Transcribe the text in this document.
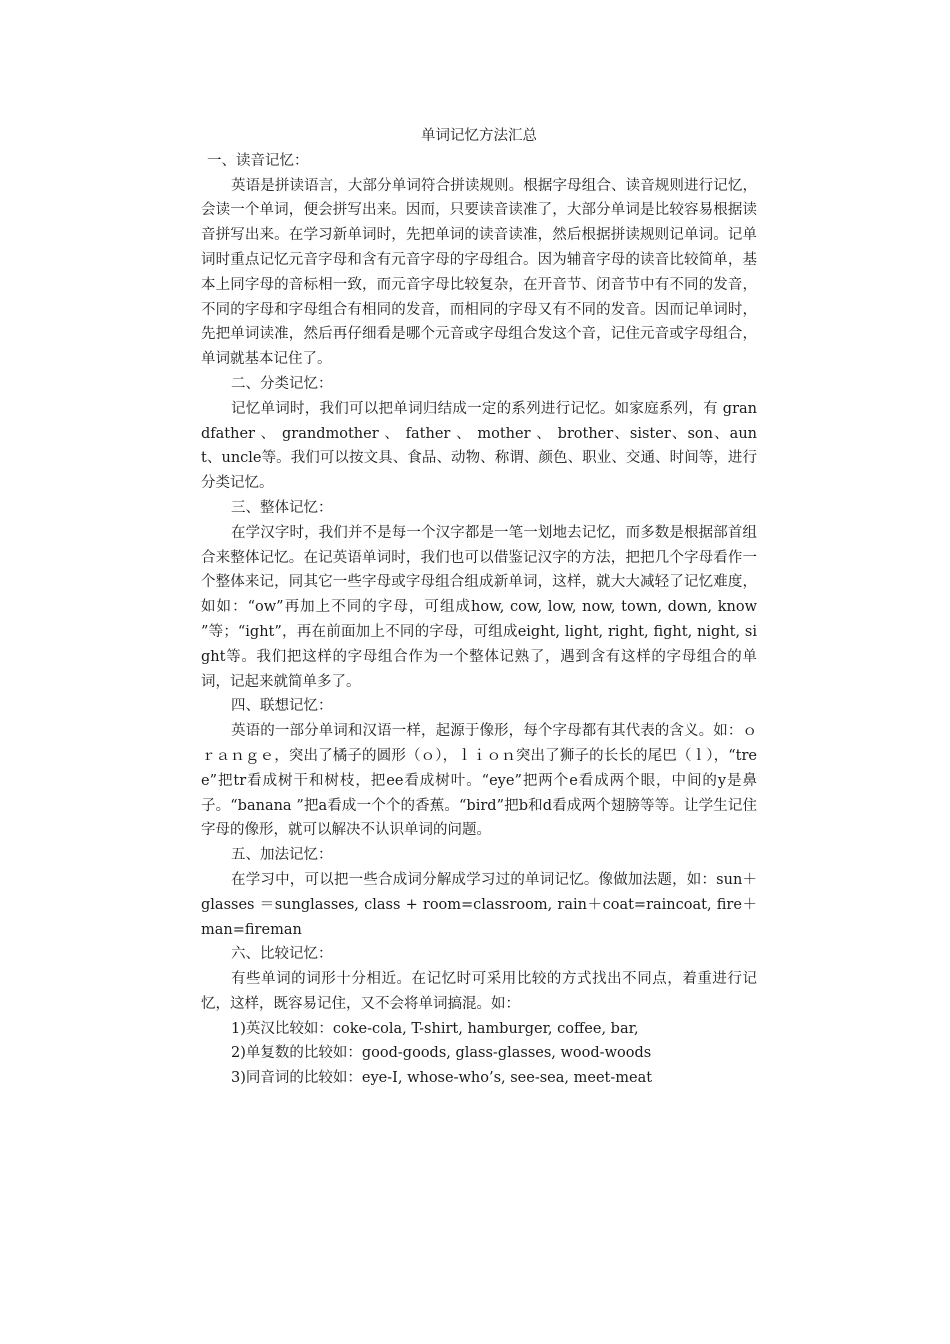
单词记忆方法汇总
一、读音记忆：
英语是拼读语言，大部分单词符合拼读规则。根据字母组合、读音规则进行记忆，会读一个单词，便会拼写出来。因而，只要读音读准了，大部分单词是比较容易根据读音拼写出来。在学习新单词时，先把单词的读音读准，然后根据拼读规则记单词。记单词时重点记忆元音字母和含有元音字母的字母组合。因为辅音字母的读音比较简单，基本上同字母的音标相一致，而元音字母比较复杂，在开音节、闭音节中有不同的发音，不同的字母和字母组合有相同的发音，而相同的字母又有不同的发音。因而记单词时，先把单词读准，然后再仔细看是哪个元音或字母组合发这个音，记住元音或字母组合，单词就基本记住了。
二、分类记忆：
记忆单词时，我们可以把单词归结成一定的系列进行记忆。如家庭系列，有 grandfather 、 grandmother 、 father 、 mother 、 brother、sister、son、aunt、uncle等。我们可以按文具、食品、动物、称谓、颜色、职业、交通、时间等，进行分类记忆。
三、整体记忆：
在学汉字时，我们并不是每一个汉字都是一笔一划地去记忆，而多数是根据部首组合来整体记忆。在记英语单词时，我们也可以借鉴记汉字的方法，把把几个字母看作一个整体来记，同其它一些字母或字母组合组成新单词，这样，就大大减轻了记忆难度，如如：“ow”再加上不同的字母，可组成how, cow, low, now, town, down, know ”等；“ight”，再在前面加上不同的字母，可组成eight, light, right, fight, night, sight等。我们把这样的字母组合作为一个整体记熟了，遇到含有这样的字母组合的单词，记起来就简单多了。
四、联想记忆：
英语的一部分单词和汉语一样，起源于像形，每个字母都有其代表的含义。如：ｏｒａｎｇｅ，突出了橘子的圆形（ｏ），ｌｉｏｎ突出了狮子的长长的尾巴（ｌ），“tree”把tr看成树干和树枝，把ee看成树叶。“eye”把两个e看成两个眼，中间的y是鼻子。“banana ”把a看成一个个的香蕉。“bird”把b和d看成两个翅膀等等。让学生记住字母的像形，就可以解决不认识单词的问题。
五、加法记忆：
在学习中，可以把一些合成词分解成学习过的单词记忆。像做加法题，如：sun＋glasses ＝sunglasses, class + room=classroom, rain＋coat=raincoat, fire＋man=fireman
六、比较记忆：
有些单词的词形十分相近。在记忆时可采用比较的方式找出不同点，着重进行记忆，这样，既容易记住，又不会将单词搞混。如：
1)英汉比较如：coke-cola, T-shirt, hamburger, coffee, bar,
2)单复数的比较如：good-goods, glass-glasses, wood-woods
3)同音词的比较如：eye-I, whose-who’s, see-sea, meet-meat
